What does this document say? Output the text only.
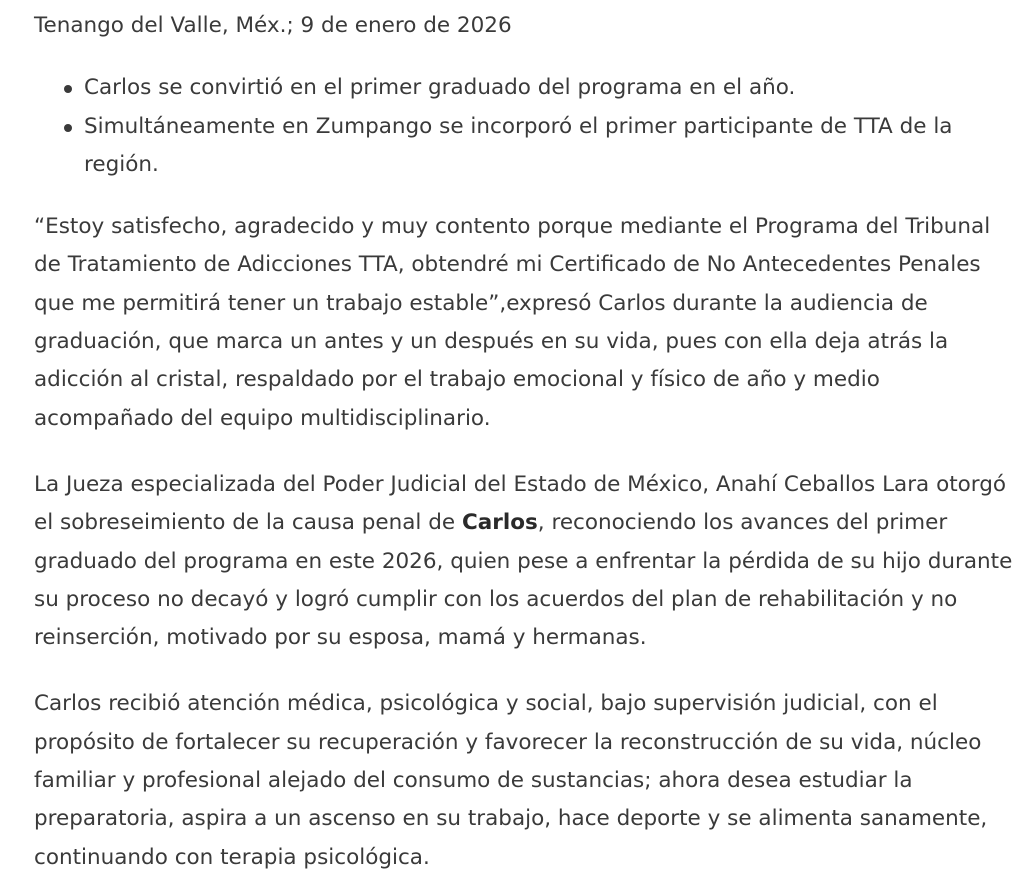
Tenango del Valle, Méx.; 9 de enero de 2026

Carlos se convirtió en el primer graduado del programa en el año.
Simultáneamente en Zumpango se incorporó el primer participante de TTA de la región.

“Estoy satisfecho, agradecido y muy contento porque mediante el Programa del Tribunal de Tratamiento de Adicciones TTA, obtendré mi Certificado de No Antecedentes Penales que me permitirá tener un trabajo estable”,expresó Carlos durante la audiencia de graduación, que marca un antes y un después en su vida, pues con ella deja atrás la adicción al cristal, respaldado por el trabajo emocional y físico de año y medio acompañado del equipo multidisciplinario.

La Jueza especializada del Poder Judicial del Estado de México, Anahí Ceballos Lara otorgó el sobreseimiento de la causa penal de Carlos, reconociendo los avances del primer graduado del programa en este 2026, quien pese a enfrentar la pérdida de su hijo durante su proceso no decayó y logró cumplir con los acuerdos del plan de rehabilitación y no reinserción, motivado por su esposa, mamá y hermanas.

Carlos recibió atención médica, psicológica y social, bajo supervisión judicial, con el propósito de fortalecer su recuperación y favorecer la reconstrucción de su vida, núcleo familiar y profesional alejado del consumo de sustancias; ahora desea estudiar la preparatoria, aspira a un ascenso en su trabajo, hace deporte y se alimenta sanamente, continuando con terapia psicológica.
